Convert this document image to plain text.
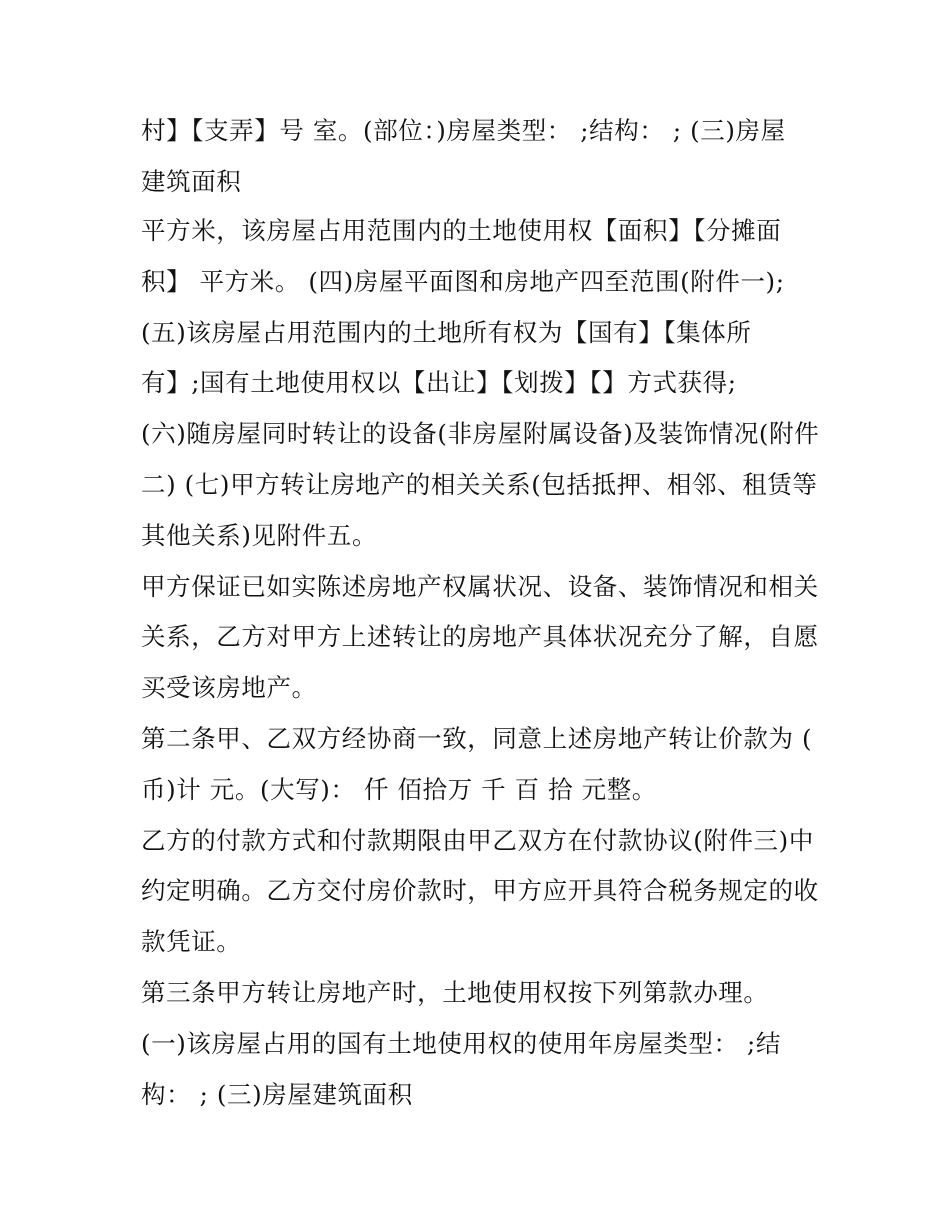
村】【支弄】号 室。(部位：)房屋类型： ;结构： ; (三)房屋
建筑面积
平方米，该房屋占用范围内的土地使用权【面积】【分摊面
积】 平方米。 (四)房屋平面图和房地产四至范围(附件一);
(五)该房屋占用范围内的土地所有权为【国有】【集体所
有】;国有土地使用权以【出让】【划拨】【】方式获得;
(六)随房屋同时转让的设备(非房屋附属设备)及装饰情况(附件
二) (七)甲方转让房地产的相关关系(包括抵押、相邻、租赁等
其他关系)见附件五。
甲方保证已如实陈述房地产权属状况、设备、装饰情况和相关
关系，乙方对甲方上述转让的房地产具体状况充分了解，自愿
买受该房地产。
第二条甲、乙双方经协商一致，同意上述房地产转让价款为 (
币)计 元。(大写)： 仟 佰拾万 千 百 拾 元整。
乙方的付款方式和付款期限由甲乙双方在付款协议(附件三)中
约定明确。乙方交付房价款时，甲方应开具符合税务规定的收
款凭证。
第三条甲方转让房地产时，土地使用权按下列第款办理。
(一)该房屋占用的国有土地使用权的使用年房屋类型： ;结
构： ; (三)房屋建筑面积
